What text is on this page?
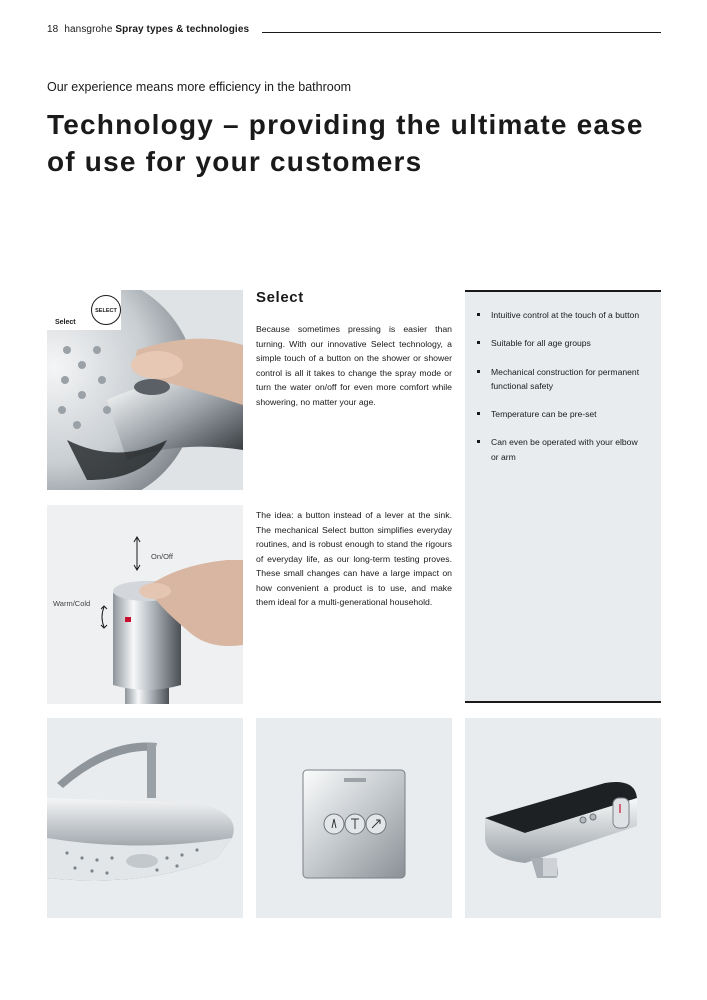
18 hansgrohe Spray types & technologies
Our experience means more efficiency in the bathroom
Technology – providing the ultimate ease of use for your customers
Select
SELECT
Select

Because sometimes pressing is easier than turning. With our innovative Select technology, a simple touch of a button on the shower or shower control is all it takes to change the spray mode or turn the water on/off for even more comfort while showering, no matter your age.

On/Off
Warm/Cold

The idea: a button instead of a lever at the sink. The mechanical Select button simplifies everyday routines, and is robust enough to stand the rigours of everyday life, as our long-term testing proves. These small changes can have a large impact on how convenient a product is to use, and make them ideal for a multi-generational household.

Intuitive control at the touch of a button
Suitable for all age groups
Mechanical construction for permanent functional safety
Temperature can be pre-set
Can even be operated with your elbow or arm
